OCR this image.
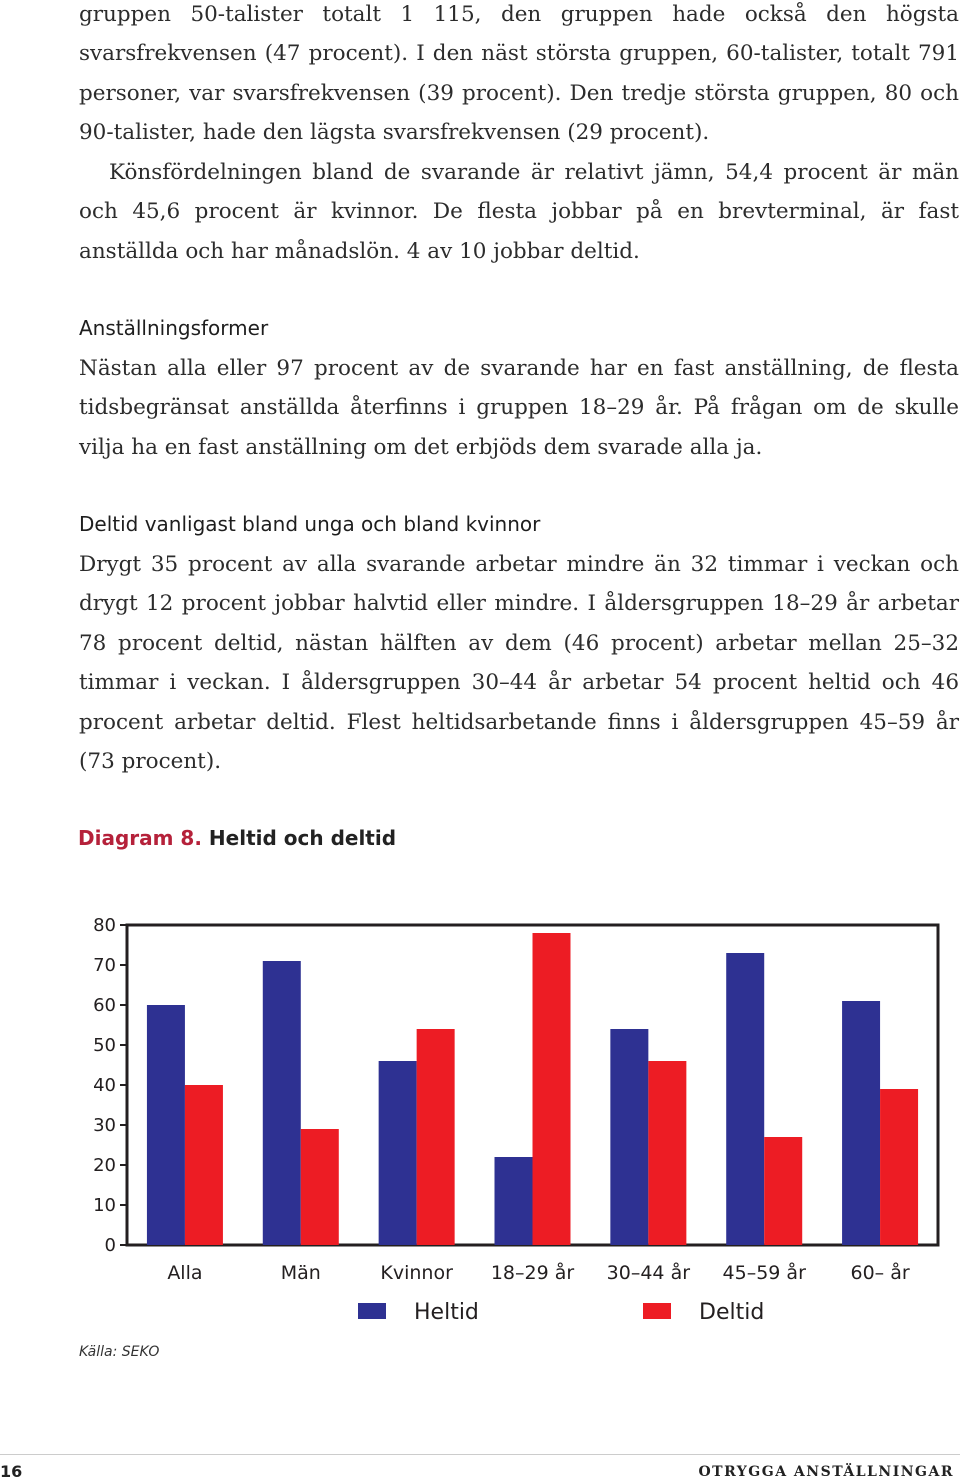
gruppen 50-talister totalt 1 115, den gruppen hade också den högsta svarsfrekvensen (47 procent). I den näst största gruppen, 60-talister, totalt 791 personer, var svarsfrekvensen (39 procent). Den tredje största gruppen, 80 och 90-talister, hade den lägsta svarsfrekvensen (29 procent).

Könsfördelningen bland de svarande är relativt jämn, 54,4 procent är män och 45,6 procent är kvinnor. De flesta jobbar på en brevterminal, är fast anställda och har månadslön. 4 av 10 jobbar deltid.

Anställningsformer

Nästan alla eller 97 procent av de svarande har en fast anställning, de flesta tidsbegränsat anställda återfinns i gruppen 18–29 år. På frågan om de skulle vilja ha en fast anställning om det erbjöds dem svarade alla ja.

Deltid vanligast bland unga och bland kvinnor

Drygt 35 procent av alla svarande arbetar mindre än 32 timmar i veckan och drygt 12 procent jobbar halvtid eller mindre. I åldersgruppen 18–29 år arbetar 78 procent deltid, nästan hälften av dem (46 procent) arbetar mellan 25–32 timmar i veckan. I åldersgruppen 30–44 år arbetar 54 procent heltid och 46 procent arbetar deltid. Flest heltidsarbetande finns i åldersgruppen 45–59 år (73 procent).

Diagram 8. Heltid och deltid
0
10
20
30
40
50
60
70
80
Alla	Män	Kvinnor 18–29 år 30–44 år 45–59 år 60– år
Heltid	Deltid
Källa: SEKO
16	OTRYGGA ANSTÄLLNINGAR
